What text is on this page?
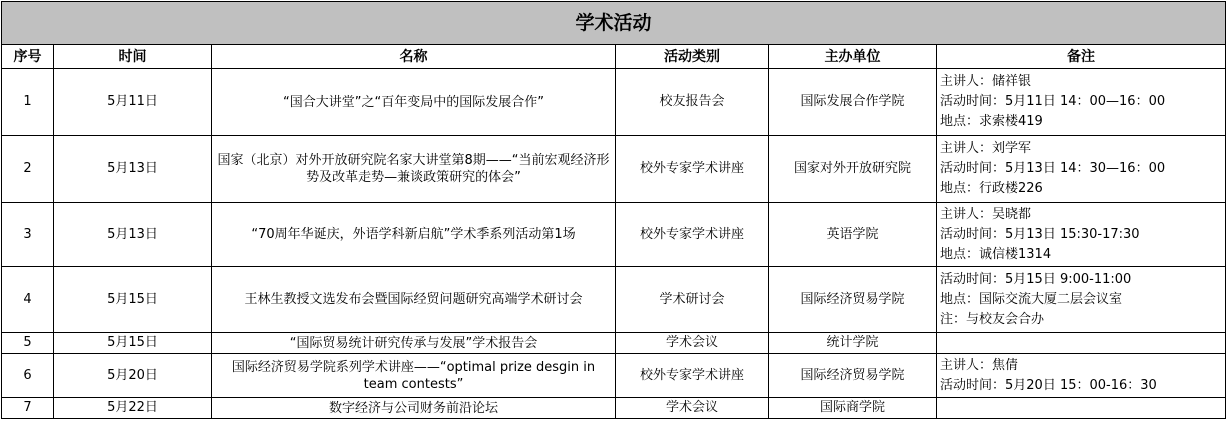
学术活动					
序号	时间	名称	活动类别	主办单位	备注
1	5月11日	“国合大讲堂”之“百年变局中的国际发展合作”	校友报告会	国际发展合作学院	主讲人：储祥银
活动时间：5月11日 14：00—16：00
地点：求索楼419

2	5月13日	国家（北京）对外开放研究院名家大讲堂第8期——“当前宏观经济形势及改革走势—兼谈政策研究的体会”	校外专家学术讲座	国家对外开放研究院	主讲人：刘学军
活动时间：5月13日 14：30—16：00
地点：行政楼226

3	5月13日	“70周年华诞庆，外语学科新启航”学术季系列活动第1场	校外专家学术讲座	英语学院	主讲人：吴晓都
活动时间：5月13日 15:30-17:30
地点：诚信楼1314

4	5月15日	王林生教授文选发布会暨国际经贸问题研究高端学术研讨会	学术研讨会	国际经济贸易学院	活动时间：5月15日 9:00-11:00
地点：国际交流大厦二层会议室
注：与校友会合办

5	5月15日	“国际贸易统计研究传承与发展”学术报告会	学术会议	统计学院	
6	5月20日	国际经济贸易学院系列学术讲座——“optimal prize desgin in team contests”	校外专家学术讲座	国际经济贸易学院	主讲人：焦倩
活动时间：5月20日 15：00-16：30

7	5月22日	数字经济与公司财务前沿论坛	学术会议	国际商学院	
